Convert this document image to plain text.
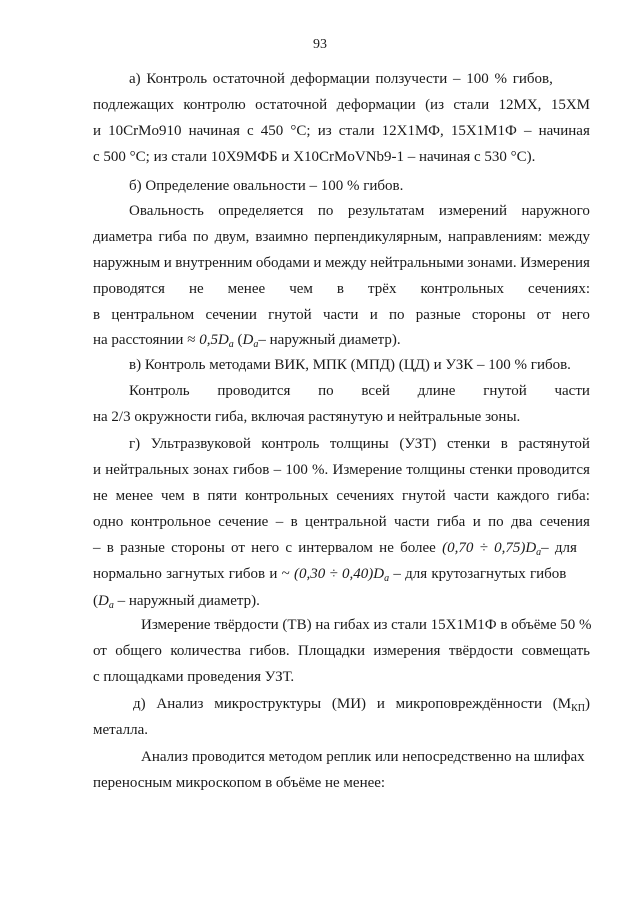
93
а) Контроль остаточной деформации ползучести – 100 % гибов,
подлежащих контролю остаточной деформации (из стали 12МХ, 15ХМ
и 10CrMo910 начиная с 450 °С; из стали 12Х1МФ, 15Х1М1Ф – начиная
с 500 °С; из стали 10Х9МФБ и X10CrMoVNb9-1 – начиная с 530 °С).
б) Определение овальности – 100 % гибов.
Овальность определяется по результатам измерений наружного
диаметра гиба по двум, взаимно перпендикулярным, направлениям: между
наружным и внутренним ободами и между нейтральными зонами. Измерения
проводятся не менее чем в трёх контрольных сечениях:
в центральном сечении гнутой части и по разные стороны от него
на расстоянии ≈ $0,5D_a$ ($D_a-$ наружный диаметр).
в) Контроль методами ВИК, МПК (МПД) (ЦД) и УЗК – 100 % гибов.
Контроль проводится по всей длине гнутой части
на 2/3 окружности гиба, включая растянутую и нейтральные зоны.
г) Ультразвуковой контроль толщины (УЗТ) стенки в растянутой
и нейтральных зонах гибов – 100 %. Измерение толщины стенки проводится
не менее чем в пяти контрольных сечениях гнутой части каждого гиба:
одно контрольное сечение – в центральной части гиба и по два сечения
– в разные стороны от него с интервалом не более $(0,70 \div 0,75)D_a-$ для
нормально загнутых гибов и ~ $(0,30 \div 0,40)D_a$ – для крутозагнутых гибов
($D_a$ – наружный диаметр).
Измерение твёрдости (ТВ) на гибах из стали 15Х1М1Ф в объёме 50 %
от общего количества гибов. Площадки измерения твёрдости совмещать
с площадками проведения УЗТ.
д) Анализ микроструктуры (МИ) и микроповреждённости $(М_{КП})$
металла.
Анализ проводится методом реплик или непосредственно на шлифах
переносным микроскопом в объёме не менее:
